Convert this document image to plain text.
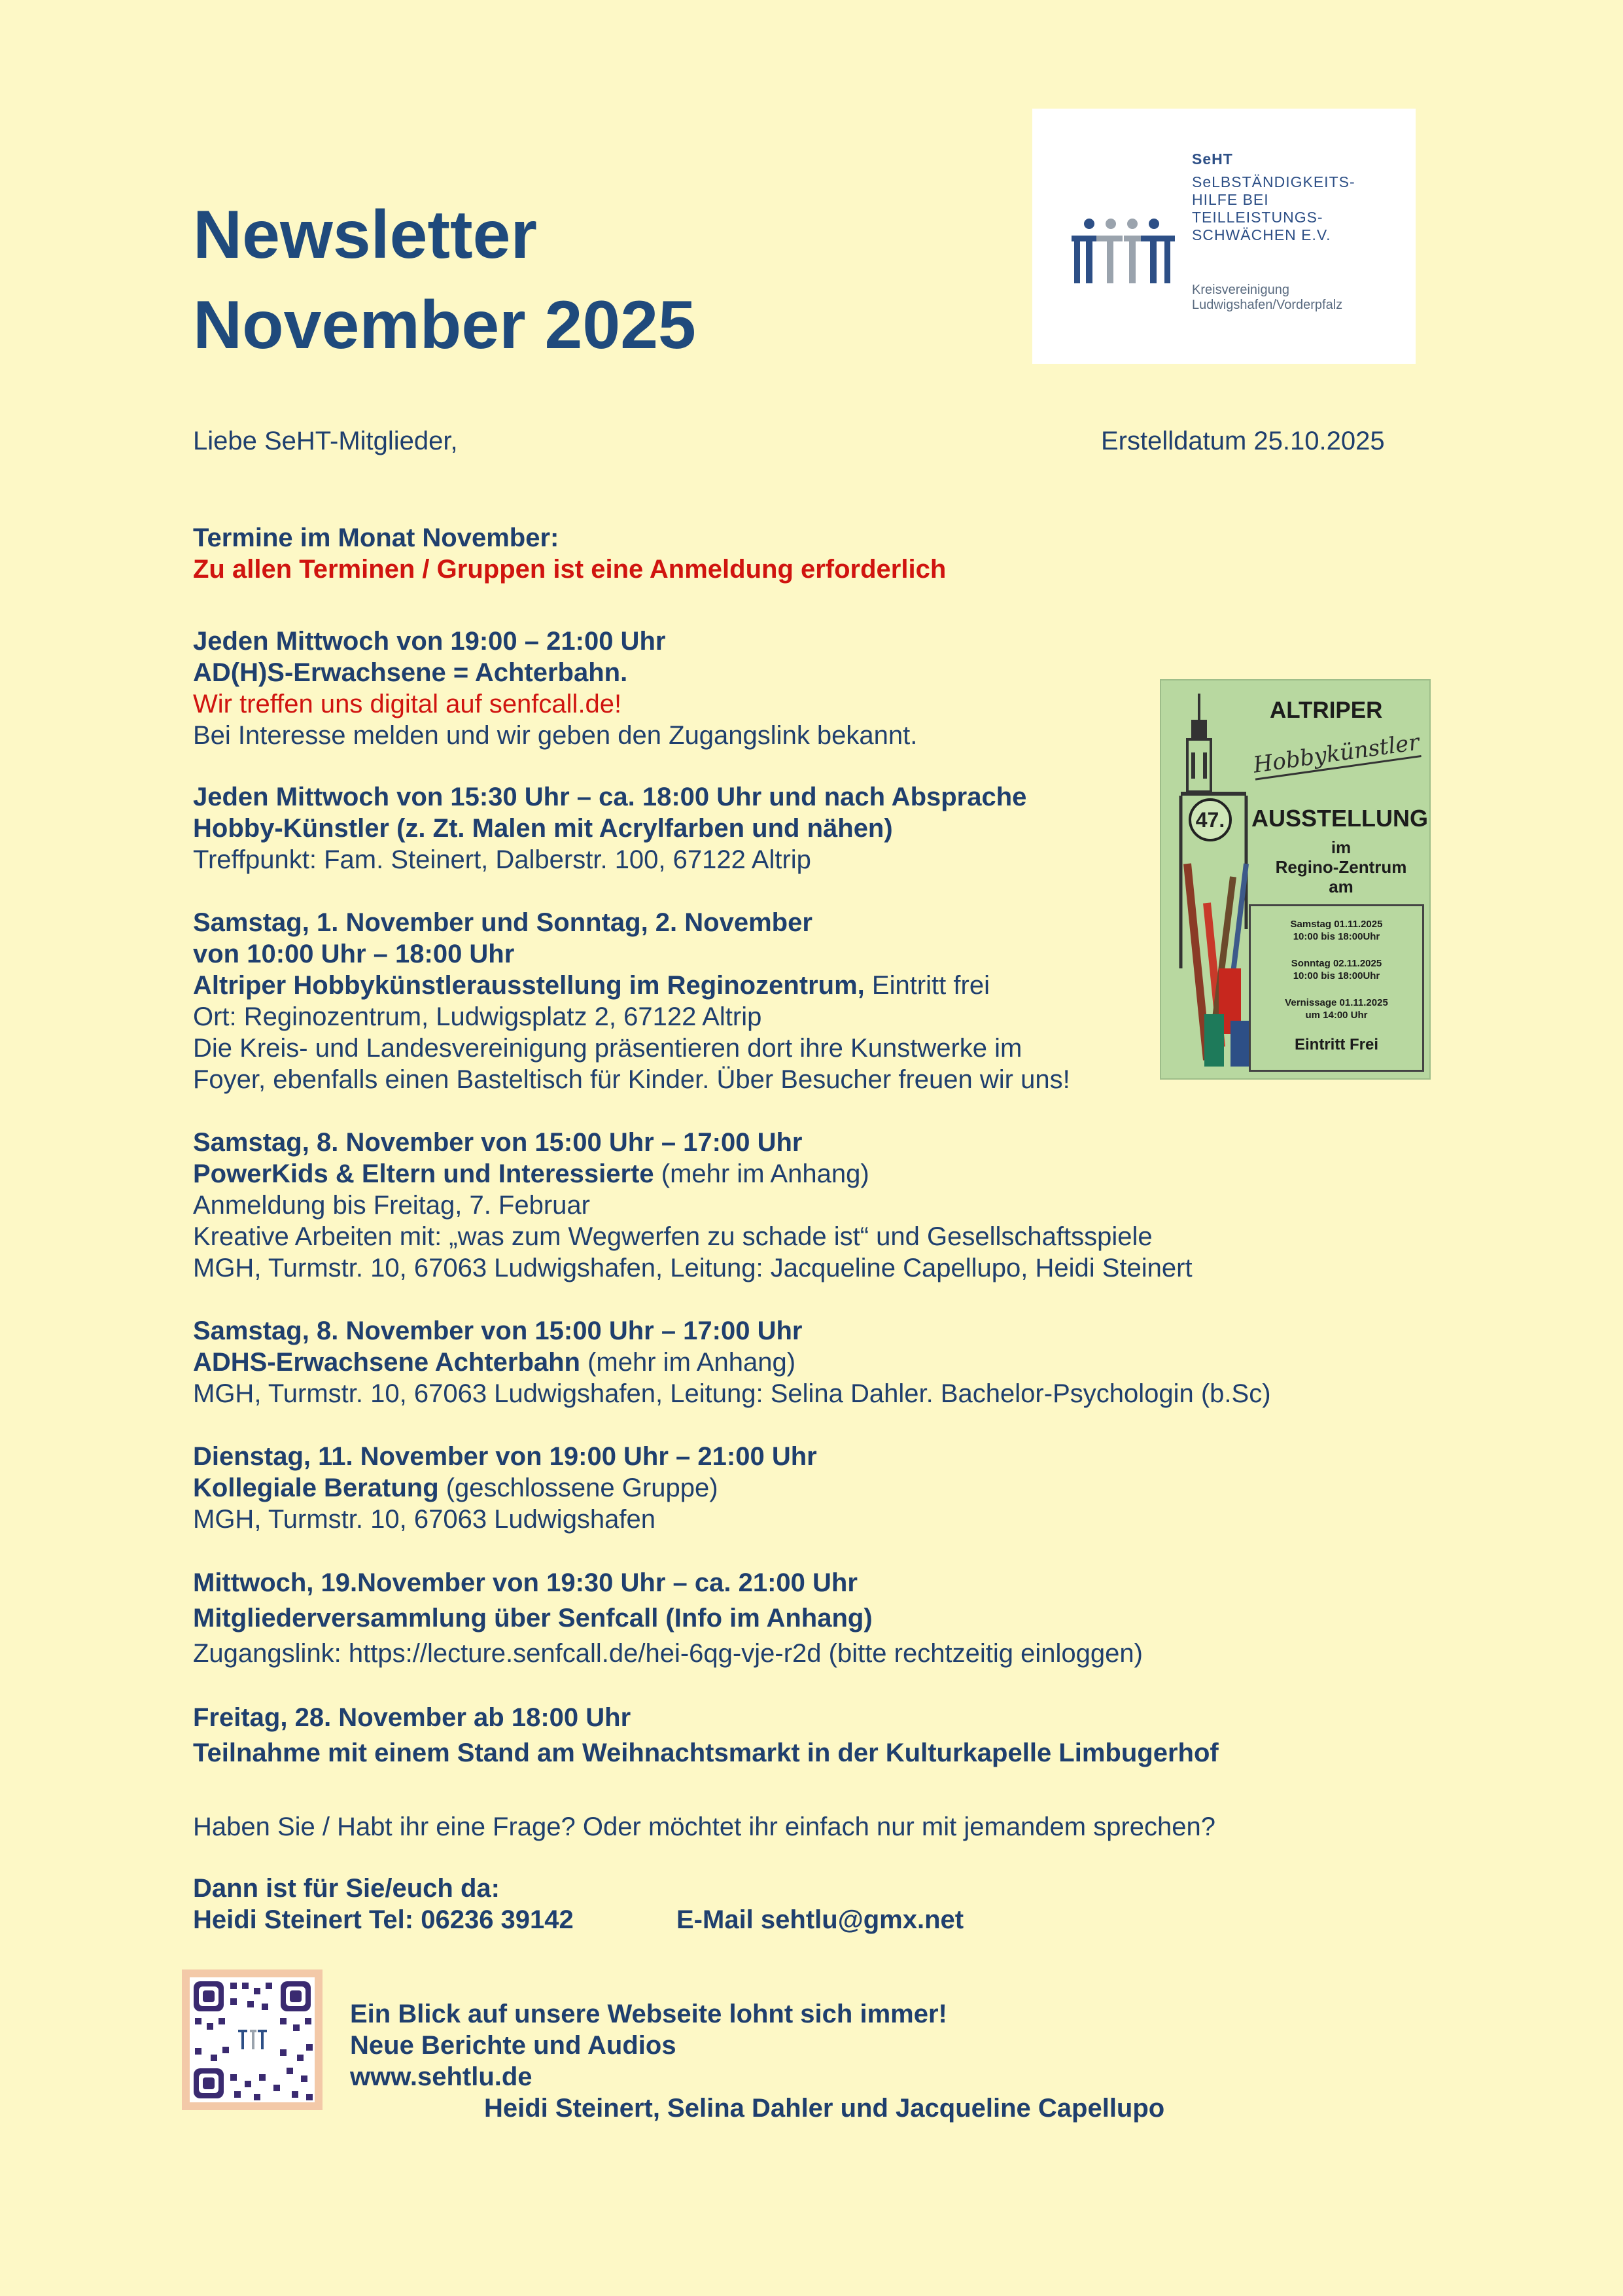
Newsletter
November 2025
SeHT
SeLBSTÄNDIGKEITS-
HILFE BEI
TEILLEISTUNGS-
SCHWÄCHEN E.V.
Kreisvereinigung
Ludwigshafen/Vorderpfalz
Liebe SeHT-Mitglieder,	Erstelldatum 25.10.2025
Termine im Monat November:
Zu allen Terminen / Gruppen ist eine Anmeldung erforderlich
Jeden Mittwoch von 19:00 – 21:00 Uhr
AD(H)S-Erwachsene = Achterbahn.
Wir treffen uns digital auf senfcall.de!
Bei Interesse melden und wir geben den Zugangslink bekannt.
Jeden Mittwoch von 15:30 Uhr – ca. 18:00 Uhr und nach Absprache
Hobby-Künstler (z. Zt. Malen mit Acrylfarben und nähen)
Treffpunkt: Fam. Steinert, Dalberstr. 100, 67122 Altrip
Samstag, 1. November und Sonntag, 2. November
von 10:00 Uhr – 18:00 Uhr
Altriper Hobbykünstlerausstellung im Reginozentrum, Eintritt frei
Ort: Reginozentrum, Ludwigsplatz 2, 67122 Altrip
Die Kreis- und Landesvereinigung präsentieren dort ihre Kunstwerke im
Foyer, ebenfalls einen Basteltisch für Kinder. Über Besucher freuen wir uns!
Samstag, 8. November von 15:00 Uhr – 17:00 Uhr
PowerKids & Eltern und Interessierte (mehr im Anhang)
Anmeldung bis Freitag, 7. Februar
Kreative Arbeiten mit: „was zum Wegwerfen zu schade ist“ und Gesellschaftsspiele
MGH, Turmstr. 10, 67063 Ludwigshafen, Leitung: Jacqueline Capellupo, Heidi Steinert
Samstag, 8. November von 15:00 Uhr – 17:00 Uhr
ADHS-Erwachsene Achterbahn (mehr im Anhang)
MGH, Turmstr. 10, 67063 Ludwigshafen, Leitung: Selina Dahler. Bachelor-Psychologin (b.Sc)
Dienstag, 11. November von 19:00 Uhr – 21:00 Uhr
Kollegiale Beratung (geschlossene Gruppe)
MGH, Turmstr. 10, 67063 Ludwigshafen
Mittwoch, 19.November von 19:30 Uhr – ca. 21:00 Uhr
Mitgliederversammlung über Senfcall (Info im Anhang)
Zugangslink: https://lecture.senfcall.de/hei-6qg-vje-r2d (bitte rechtzeitig einloggen)
Freitag, 28. November ab 18:00 Uhr
Teilnahme mit einem Stand am Weihnachtsmarkt in der Kulturkapelle Limbugerhof
Haben Sie / Habt ihr eine Frage? Oder möchtet ihr einfach nur mit jemandem sprechen?
Dann ist für Sie/euch da:
Heidi Steinert Tel: 06236 39142	E-Mail sehtlu@gmx.net
Ein Blick auf unsere Webseite lohnt sich immer!
Neue Berichte und Audios
www.sehtlu.de
Heidi Steinert, Selina Dahler und Jacqueline Capellupo
ALTRIPER
Hobbykünstler
47. AUSSTELLUNG
im
Regino-Zentrum
am
Samstag 01.11.2025
10:00 bis 18:00Uhr
Sonntag 02.11.2025
10:00 bis 18:00Uhr
Vernissage 01.11.2025
um 14:00 Uhr
Eintritt Frei
